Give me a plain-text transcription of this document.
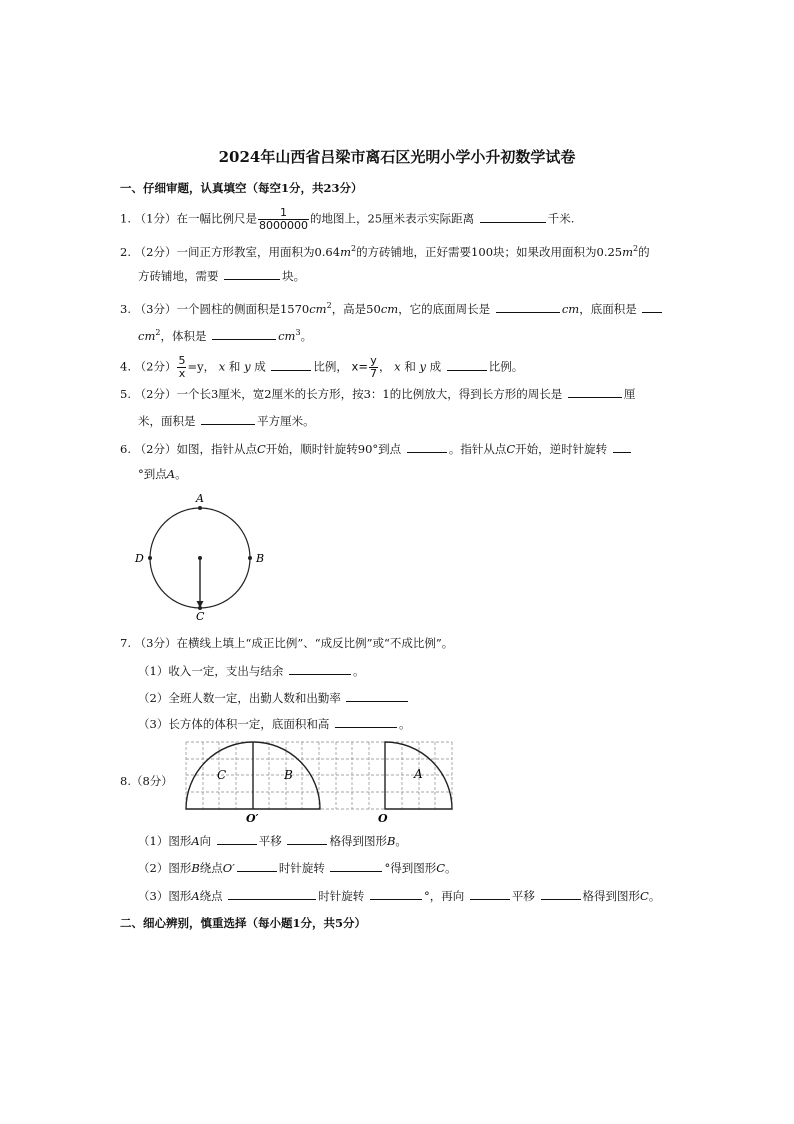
2024年山西省吕梁市离石区光明小学小升初数学试卷
一、仔细审题，认真填空（每空1分，共23分）
1. （1分）在一幅比例尺是 $\frac{1}{8000000}$ 的地图上，25厘米表示实际距离	千米.
2. （2分）一间正方形教室，用面积为$0.64m^2$的方砖铺地，正好需要100块；如果改用面积为$0.25m^2$的
方砖铺地，需要	块。
3. （3分）一个圆柱的侧面积是$1570cm^2$，高是50cm，它的底面周长是	cm，底面积是
$cm^2$，体积是	$cm^3$。
4. （2分） $\frac{5}{x} =y$， x 和 y 成	比例， $x= \frac{y}{7}$ ， x 和 y 成	比例。
5. （2分）一个长3厘米，宽2厘米的长方形，按3：1的比例放大，得到长方形的周长是	厘
米，面积是	平方厘米。
6. （2分）如图，指针从点C开始，顺时针旋转90°到点	。指针从点C开始，逆时针旋转
°到点A。
A
B
C
D
7. （3分）在横线上填上“成正比例”、“成反比例”或“不成比例”。
（1）收入一定，支出与结余	。
（2）全班人数一定，出勤人数和出勤率
（3）长方体的体积一定，底面积和高	。
8.（8分）	C	B	A
O′	O
（1）图形A向	平移	格得到图形B。
（2）图形B绕点O′	时针旋转	°得到图形C。
（3）图形A绕点	时针旋转	°，再向	平移	格得到图形C。
二、细心辨别，慎重选择（每小题1分，共5分）
